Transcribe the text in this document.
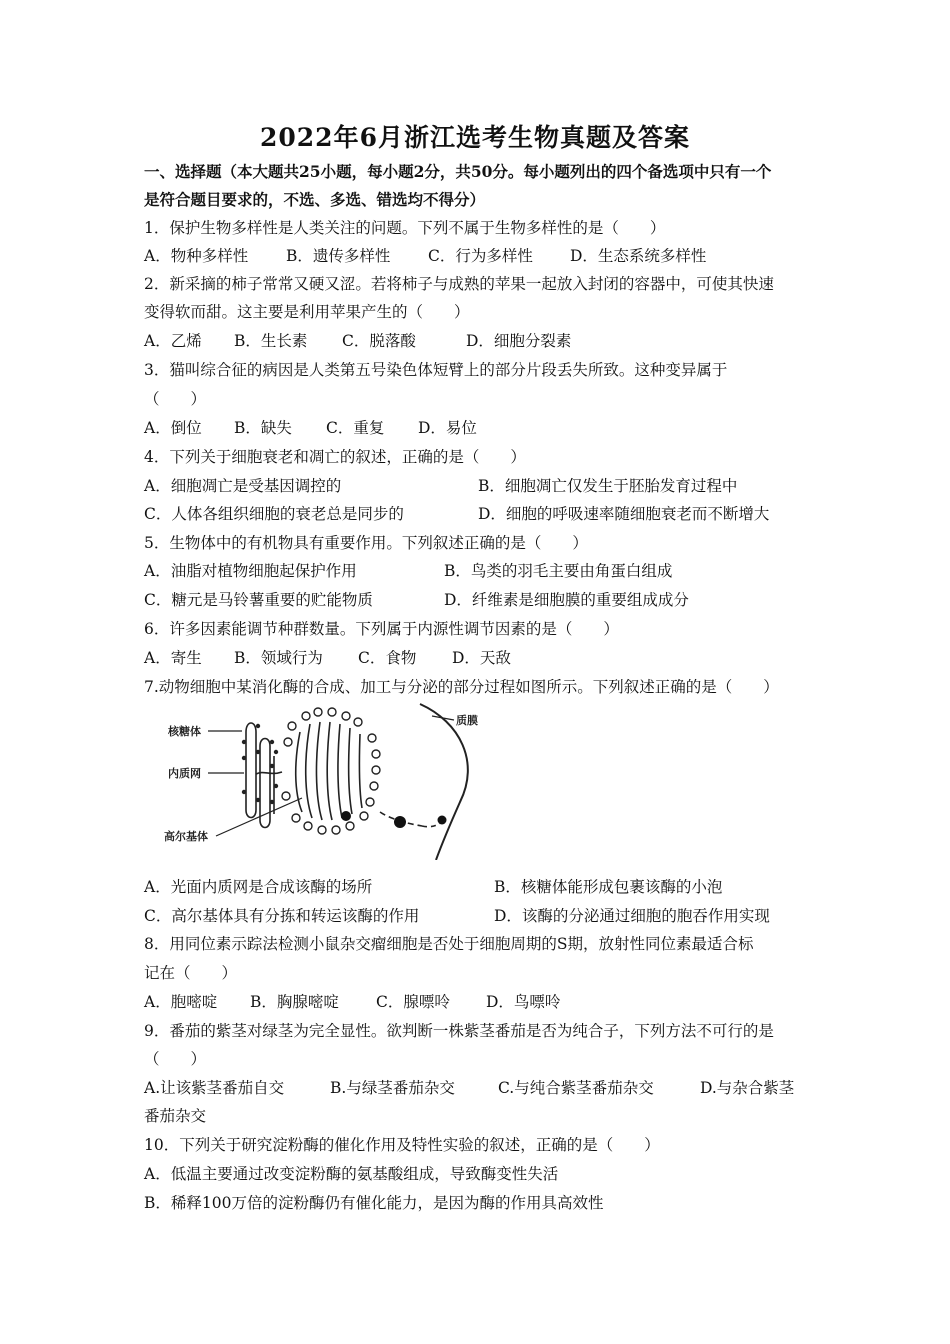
2022年6月浙江选考生物真题及答案
一、选择题（本大题共25小题，每小题2分，共50分。每小题列出的四个备选项中只有一个
是符合题目要求的，不选、多选、错选均不得分）
1．保护生物多样性是人类关注的问题。下列不属于生物多样性的是（　　）
A．物种多样性 B．遗传多样性 C．行为多样性 D．生态系统多样性
2．新采摘的柿子常常又硬又涩。若将柿子与成熟的苹果一起放入封闭的容器中，可使其快速
变得软而甜。这主要是利用苹果产生的（　　）
A．乙烯 B．生长素 C．脱落酸	D．细胞分裂素
3．猫叫综合征的病因是人类第五号染色体短臂上的部分片段丢失所致。这种变异属于
（　　）
A．倒位 B．缺失 C．重复 D．易位
4．下列关于细胞衰老和凋亡的叙述，正确的是（　　）
A．细胞凋亡是受基因调控的	B．细胞凋亡仅发生于胚胎发育过程中
C．人体各组织细胞的衰老总是同步的	D．细胞的呼吸速率随细胞衰老而不断增大
5．生物体中的有机物具有重要作用。下列叙述正确的是（　　）
A．油脂对植物细胞起保护作用	B．鸟类的羽毛主要由角蛋白组成
C．糖元是马铃薯重要的贮能物质	D．纤维素是细胞膜的重要组成成分
6．许多因素能调节种群数量。下列属于内源性调节因素的是（　　）
A．寄生 B．领域行为 C．食物 D．天敌
7.动物细胞中某消化酶的合成、加工与分泌的部分过程如图所示。下列叙述正确的是（　　）
核糖体
内质网
高尔基体
质膜
A．光面内质网是合成该酶的场所	B．核糖体能形成包裹该酶的小泡
C．高尔基体具有分拣和转运该酶的作用	D．该酶的分泌通过细胞的胞吞作用实现
8．用同位素示踪法检测小鼠杂交瘤细胞是否处于细胞周期的S期，放射性同位素最适合标
记在（　　）
A．胞嘧啶 B．胸腺嘧啶 C．腺嘌呤 D．鸟嘌呤
9．番茄的紫茎对绿茎为完全显性。欲判断一株紫茎番茄是否为纯合子，下列方法不可行的是
（　　）
A.让该紫茎番茄自交	B.与绿茎番茄杂交	C.与纯合紫茎番茄杂交	D.与杂合紫茎
番茄杂交
10．下列关于研究淀粉酶的催化作用及特性实验的叙述，正确的是（　　）
A．低温主要通过改变淀粉酶的氨基酸组成，导致酶变性失活
B．稀释100万倍的淀粉酶仍有催化能力，是因为酶的作用具高效性
